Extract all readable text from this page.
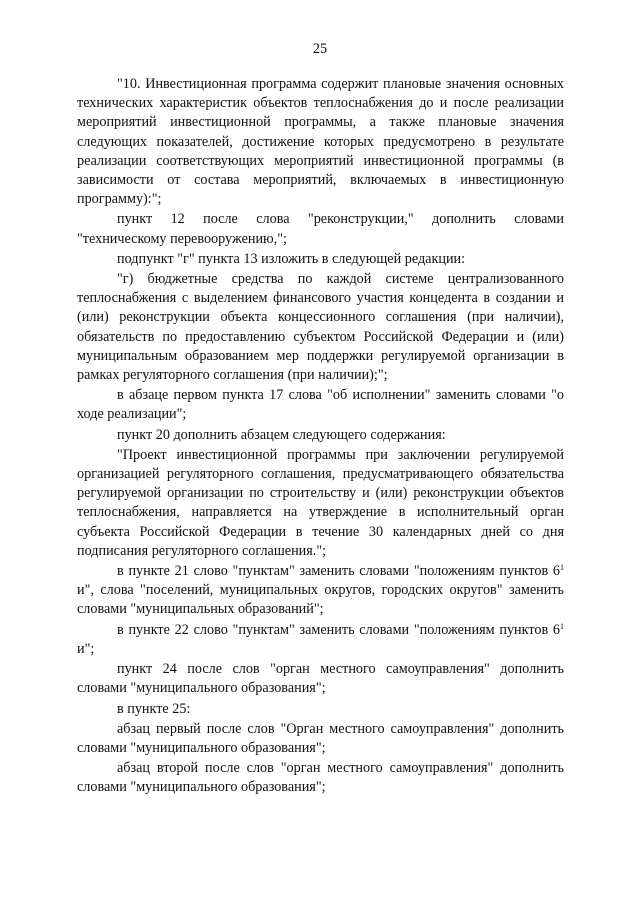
25

"10. Инвестиционная программа содержит плановые значения основных технических характеристик объектов теплоснабжения до и после реализации мероприятий инвестиционной программы, а также плановые значения следующих показателей, достижение которых предусмотрено в результате реализации соответствующих мероприятий инвестиционной программы (в зависимости от состава мероприятий, включаемых в инвестиционную программу):";

пункт 12 после слова "реконструкции," дополнить словами "техническому перевооружению,";

подпункт "г" пункта 13 изложить в следующей редакции:

"г) бюджетные средства по каждой системе централизованного теплоснабжения с выделением финансового участия концедента в создании и (или) реконструкции объекта концессионного соглашения (при наличии), обязательств по предоставлению субъектом Российской Федерации и (или) муниципальным образованием мер поддержки регулируемой организации в рамках регуляторного соглашения (при наличии);";

в абзаце первом пункта 17 слова "об исполнении" заменить словами "о ходе реализации";

пункт 20 дополнить абзацем следующего содержания:

"Проект инвестиционной программы при заключении регулируемой организацией регуляторного соглашения, предусматривающего обязательства регулируемой организации по строительству и (или) реконструкции объектов теплоснабжения, направляется на утверждение в исполнительный орган субъекта Российской Федерации в течение 30 календарных дней со дня подписания регуляторного соглашения.";

в пункте 21 слово "пунктам" заменить словами "положениям пунктов $6^1$ и", слова "поселений, муниципальных округов, городских округов" заменить словами "муниципальных образований";

в пункте 22 слово "пунктам" заменить словами "положениям пунктов $6^1$ и";

пункт 24 после слов "орган местного самоуправления" дополнить словами "муниципального образования";

в пункте 25:

абзац первый после слов "Орган местного самоуправления" дополнить словами "муниципального образования";

абзац второй после слов "орган местного самоуправления" дополнить словами "муниципального образования";
